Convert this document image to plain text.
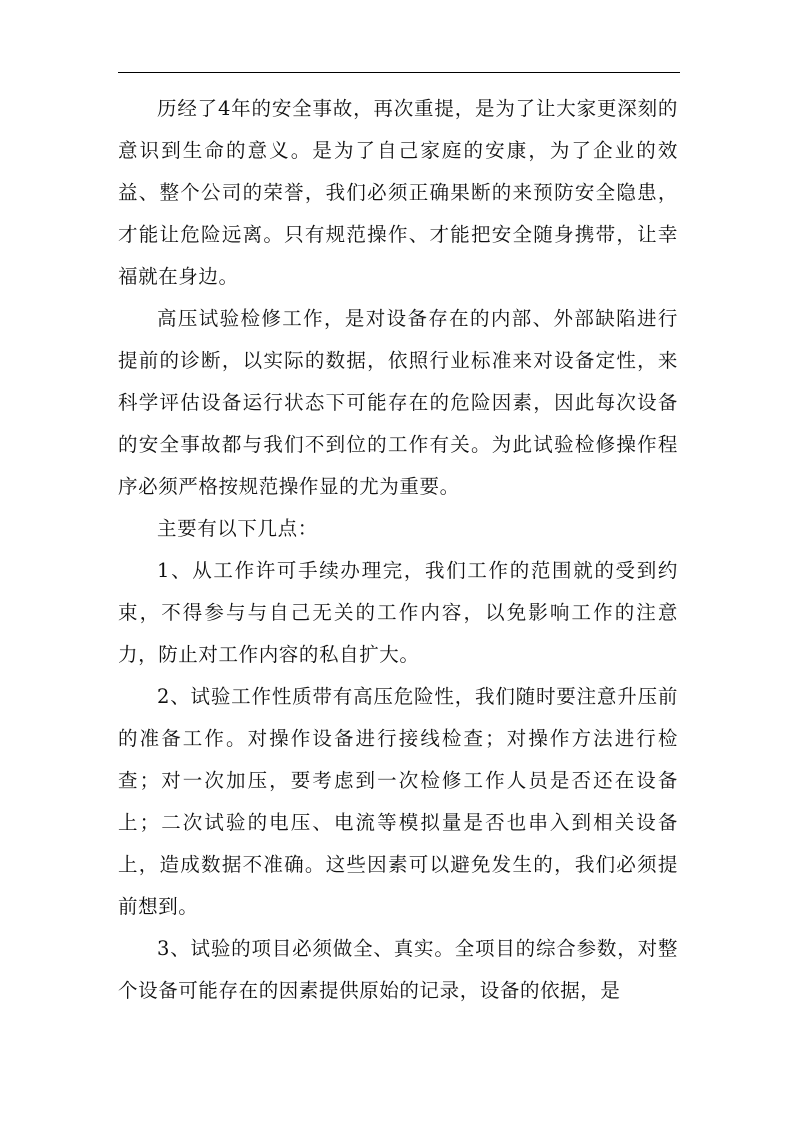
历经了4年的安全事故，再次重提，是为了让大家更深刻的意识到生命的意义。是为了自己家庭的安康，为了企业的效益、整个公司的荣誉，我们必须正确果断的来预防安全隐患，才能让危险远离。只有规范操作、才能把安全随身携带，让幸福就在身边。

高压试验检修工作，是对设备存在的内部、外部缺陷进行提前的诊断，以实际的数据，依照行业标准来对设备定性，来科学评估设备运行状态下可能存在的危险因素，因此每次设备的安全事故都与我们不到位的工作有关。为此试验检修操作程序必须严格按规范操作显的尤为重要。

主要有以下几点：

1、从工作许可手续办理完，我们工作的范围就的受到约束，不得参与与自己无关的工作内容，以免影响工作的注意力，防止对工作内容的私自扩大。

2、试验工作性质带有高压危险性，我们随时要注意升压前的准备工作。对操作设备进行接线检查；对操作方法进行检查；对一次加压，要考虑到一次检修工作人员是否还在设备上；二次试验的电压、电流等模拟量是否也串入到相关设备上，造成数据不准确。这些因素可以避免发生的，我们必须提前想到。

3、试验的项目必须做全、真实。全项目的综合参数，对整个设备可能存在的因素提供原始的记录，设备的依据，是
